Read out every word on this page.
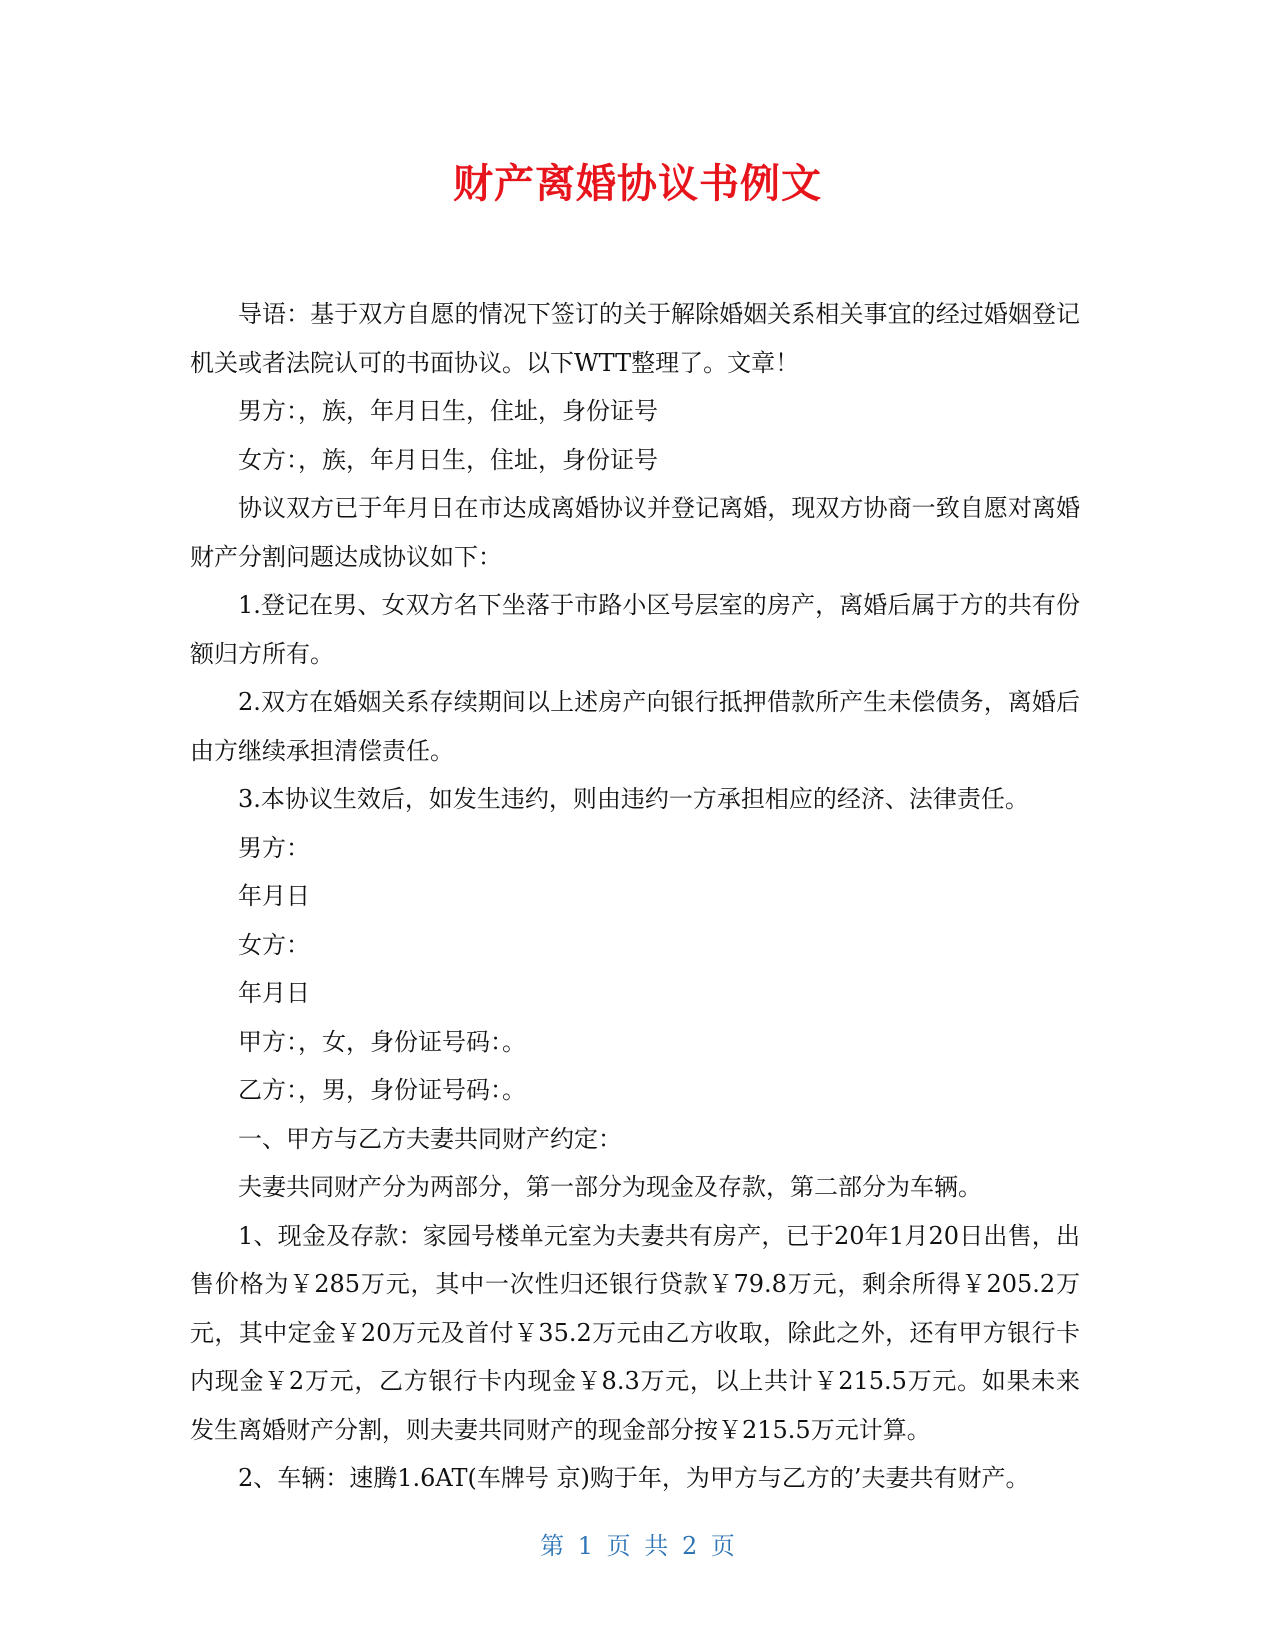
财产离婚协议书例文

导语：基于双方自愿的情况下签订的关于解除婚姻关系相关事宜的经过婚姻登记机关或者法院认可的书面协议。以下WTT整理了。文章！

男方：，族，年月日生，住址，身份证号

女方：，族，年月日生，住址，身份证号

协议双方已于年月日在市达成离婚协议并登记离婚，现双方协商一致自愿对离婚财产分割问题达成协议如下：

1.登记在男、女双方名下坐落于市路小区号层室的房产，离婚后属于方的共有份额归方所有。

2.双方在婚姻关系存续期间以上述房产向银行抵押借款所产生未偿债务，离婚后由方继续承担清偿责任。

3.本协议生效后，如发生违约，则由违约一方承担相应的经济、法律责任。

男方：

年月日

女方：

年月日

甲方：，女，身份证号码：。

乙方：，男，身份证号码：。

一、甲方与乙方夫妻共同财产约定：

夫妻共同财产分为两部分，第一部分为现金及存款，第二部分为车辆。

1、现金及存款：家园号楼单元室为夫妻共有房产，已于20年1月20日出售，出售价格为￥285万元，其中一次性归还银行贷款￥79.8万元，剩余所得￥205.2万元，其中定金￥20万元及首付￥35.2万元由乙方收取，除此之外，还有甲方银行卡内现金￥2万元，乙方银行卡内现金￥8.3万元，以上共计￥215.5万元。如果未来发生离婚财产分割，则夫妻共同财产的现金部分按￥215.5万元计算。

2、车辆：速腾1.6AT(车牌号 京)购于年，为甲方与乙方的’夫妻共有财产。

第 1 页 共 2 页
